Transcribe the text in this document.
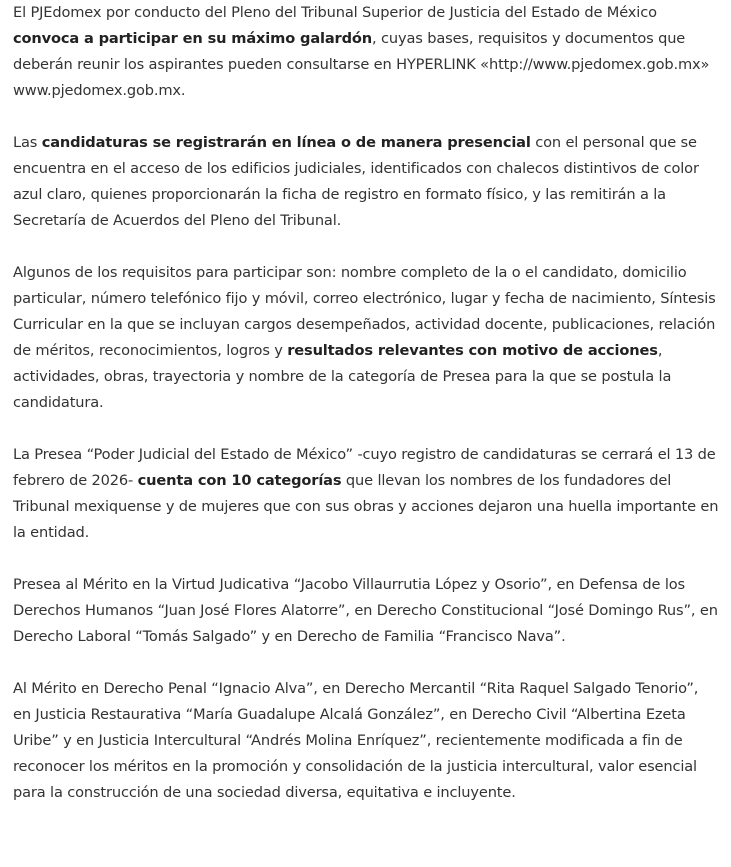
El PJEdomex por conducto del Pleno del Tribunal Superior de Justicia del Estado de México convoca a participar en su máximo galardón, cuyas bases, requisitos y documentos que deberán reunir los aspirantes pueden consultarse en HYPERLINK «http://www.pjedomex.gob.mx» www.pjedomex.gob.mx.

Las candidaturas se registrarán en línea o de manera presencial con el personal que se encuentra en el acceso de los edificios judiciales, identificados con chalecos distintivos de color azul claro, quienes proporcionarán la ficha de registro en formato físico, y las remitirán a la Secretaría de Acuerdos del Pleno del Tribunal.

Algunos de los requisitos para participar son: nombre completo de la o el candidato, domicilio particular, número telefónico fijo y móvil, correo electrónico, lugar y fecha de nacimiento, Síntesis Curricular en la que se incluyan cargos desempeñados, actividad docente, publicaciones, relación de méritos, reconocimientos, logros y resultados relevantes con motivo de acciones, actividades, obras, trayectoria y nombre de la categoría de Presea para la que se postula la candidatura.

La Presea “Poder Judicial del Estado de México” -cuyo registro de candidaturas se cerrará el 13 de febrero de 2026- cuenta con 10 categorías que llevan los nombres de los fundadores del Tribunal mexiquense y de mujeres que con sus obras y acciones dejaron una huella importante en la entidad.

Presea al Mérito en la Virtud Judicativa “Jacobo Villaurrutia López y Osorio”, en Defensa de los Derechos Humanos “Juan José Flores Alatorre”, en Derecho Constitucional “José Domingo Rus”, en Derecho Laboral “Tomás Salgado” y en Derecho de Familia “Francisco Nava”.

Al Mérito en Derecho Penal “Ignacio Alva”, en Derecho Mercantil “Rita Raquel Salgado Tenorio”, en Justicia Restaurativa “María Guadalupe Alcalá González”, en Derecho Civil “Albertina Ezeta Uribe” y en Justicia Intercultural “Andrés Molina Enríquez”, recientemente modificada a fin de reconocer los méritos en la promoción y consolidación de la justicia intercultural, valor esencial para la construcción de una sociedad diversa, equitativa e incluyente.
